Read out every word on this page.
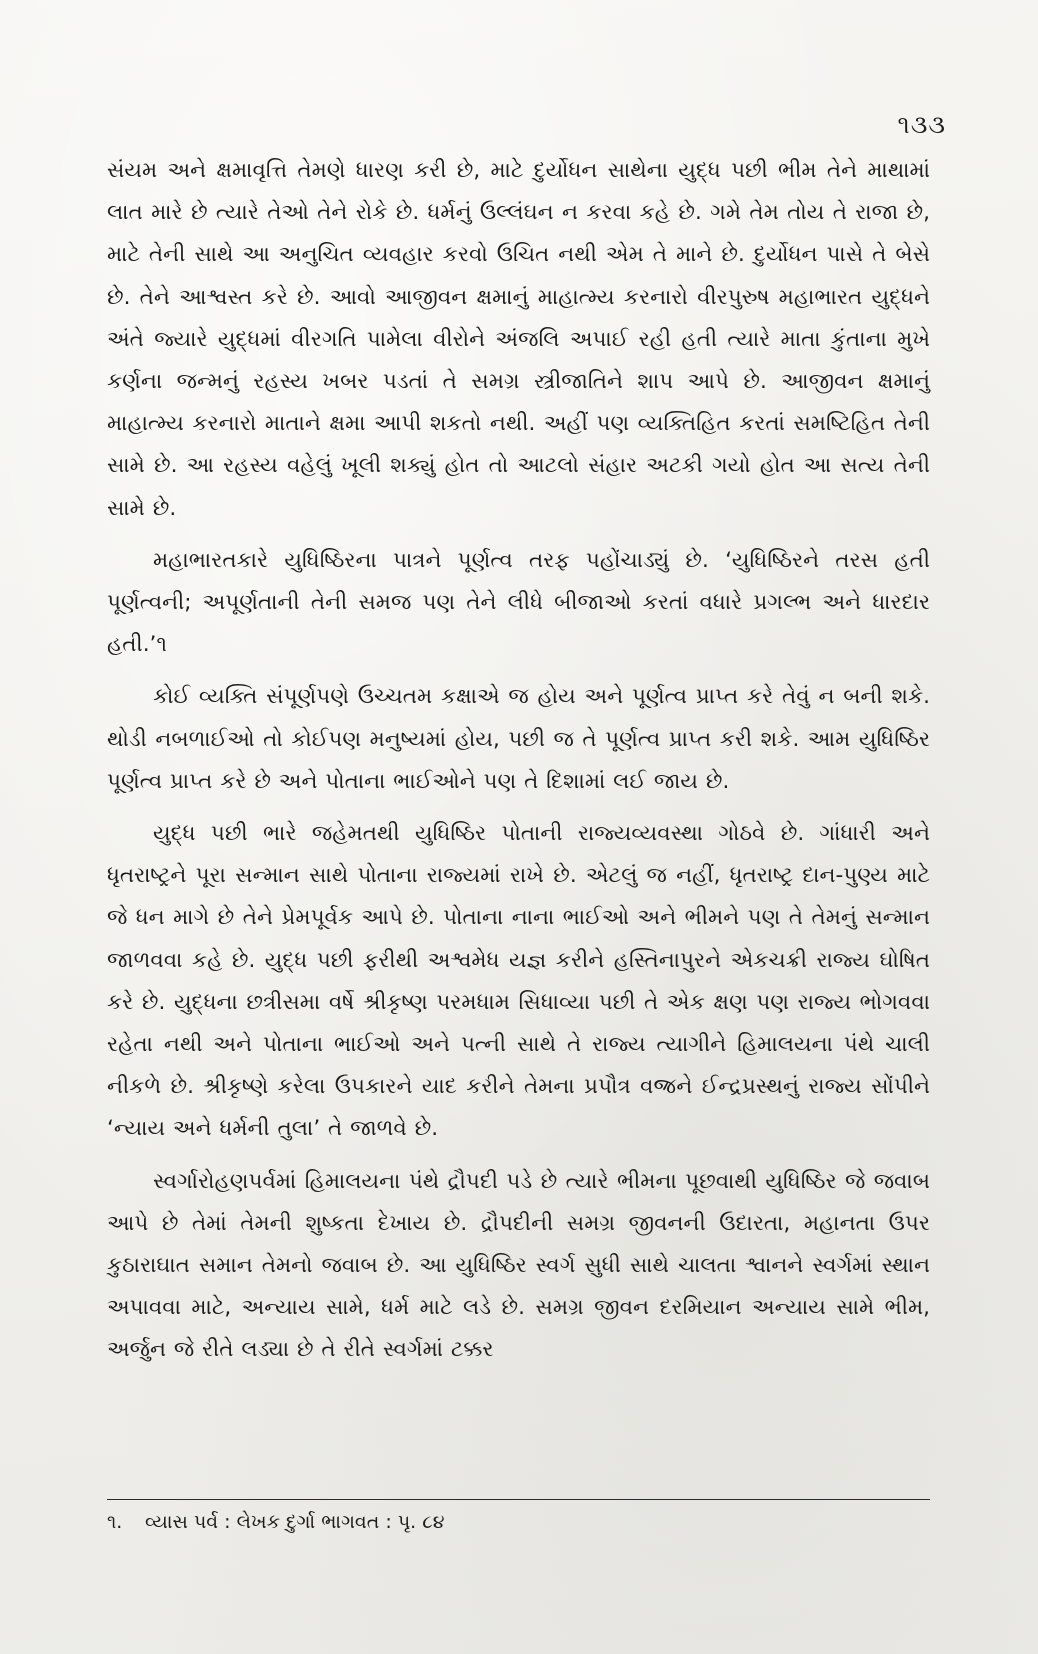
૧૩૩

સંયમ અને ક્ષમાવૃત્તિ તેમણે ધારણ કરી છે, માટે દુર્યોધન સાથેના યુદ્ધ પછી ભીમ તેને માથામાં લાત મારે છે ત્યારે તેઓ તેને રોકે છે. ધર્મનું ઉલ્લંઘન ન કરવા કહે છે. ગમે તેમ તોય તે રાજા છે, માટે તેની સાથે આ અનુચિત વ્યવહાર કરવો ઉચિત નથી એમ તે માને છે. દુર્યોધન પાસે તે બેસે છે. તેને આશ્વસ્ત કરે છે. આવો આજીવન ક્ષમાનું માહાત્મ્ય કરનારો વીરપુરુષ મહાભારત યુદ્ધને અંતે જ્યારે યુદ્ધમાં વીરગતિ પામેલા વીરોને અંજલિ અપાઈ રહી હતી ત્યારે માતા કુંતાના મુખે કર્ણના જન્મનું રહસ્ય ખબર પડતાં તે સમગ્ર સ્ત્રીજાતિને શાપ આપે છે. આજીવન ક્ષમાનું માહાત્મ્ય કરનારો માતાને ક્ષમા આપી શકતો નથી. અહીં પણ વ્યક્તિહિત કરતાં સમષ્ટિહિત તેની સામે છે. આ રહસ્ય વહેલું ખૂલી શક્યું હોત તો આટલો સંહાર અટકી ગયો હોત આ સત્ય તેની સામે છે.

મહાભારતકારે યુધિષ્ઠિરના પાત્રને પૂર્ણત્વ તરફ પહોંચાડ્યું છે. ‘યુધિષ્ઠિરને તરસ હતી પૂર્ણત્વની; અપૂર્ણતાની તેની સમજ પણ તેને લીધે બીજાઓ કરતાં વધારે પ્રગલ્ભ અને ધારદાર હતી.’૧

કોઈ વ્યક્તિ સંપૂર્ણપણે ઉચ્ચતમ કક્ષાએ જ હોય અને પૂર્ણત્વ પ્રાપ્ત કરે તેવું ન બની શકે. થોડી નબળાઈઓ તો કોઈપણ મનુષ્યમાં હોય, પછી જ તે પૂર્ણત્વ પ્રાપ્ત કરી શકે. આમ યુધિષ્ઠિર પૂર્ણત્વ પ્રાપ્ત કરે છે અને પોતાના ભાઈઓને પણ તે દિશામાં લઈ જાય છે.

યુદ્ધ પછી ભારે જહેમતથી યુધિષ્ઠિર પોતાની રાજ્યવ્યવસ્થા ગોઠવે છે. ગાંધારી અને ધૃતરાષ્ટ્રને પૂરા સન્માન સાથે પોતાના રાજ્યમાં રાખે છે. એટલું જ નહીં, ધૃતરાષ્ટ્ર દાન-પુણ્ય માટે જે ધન માગે છે તેને પ્રેમપૂર્વક આપે છે. પોતાના નાના ભાઈઓ અને ભીમને પણ તે તેમનું સન્માન જાળવવા કહે છે. યુદ્ધ પછી ફરીથી અશ્વમેધ યજ્ઞ કરીને હસ્તિનાપુરને એકચક્રી રાજ્ય ઘોષિત કરે છે. યુદ્ધના છત્રીસમા વર્ષે શ્રીકૃષ્ણ પરમધામ સિધાવ્યા પછી તે એક ક્ષણ પણ રાજ્ય ભોગવવા રહેતા નથી અને પોતાના ભાઈઓ અને પત્ની સાથે તે રાજ્ય ત્યાગીને હિમાલયના પંથે ચાલી નીકળે છે. શ્રીકૃષ્ણે કરેલા ઉપકારને યાદ કરીને તેમના પ્રપૌત્ર વજ્રને ઈન્દ્રપ્રસ્થનું રાજ્ય સોંપીને ‘ન્યાય અને ધર્મની તુલા’ તે જાળવે છે.

સ્વર્ગારોહણપર્વમાં હિમાલયના પંથે દ્રૌપદી પડે છે ત્યારે ભીમના પૂછવાથી યુધિષ્ઠિર જે જવાબ આપે છે તેમાં તેમની શુષ્કતા દેખાય છે. દ્રૌપદીની સમગ્ર જીવનની ઉદારતા, મહાનતા ઉપર કુઠારાઘાત સમાન તેમનો જવાબ છે. આ યુધિષ્ઠિર સ્વર્ગ સુધી સાથે ચાલતા શ્વાનને સ્વર્ગમાં સ્થાન અપાવવા માટે, અન્યાય સામે, ધર્મ માટે લડે છે. સમગ્ર જીવન દરમિયાન અન્યાય સામે ભીમ, અર્જુન જે રીતે લડ્યા છે તે રીતે સ્વર્ગમાં ટક્કર

૧. વ્યાસ પર્વ : લેખક દુર્ગા ભાગવત : પૃ. ૮૪
